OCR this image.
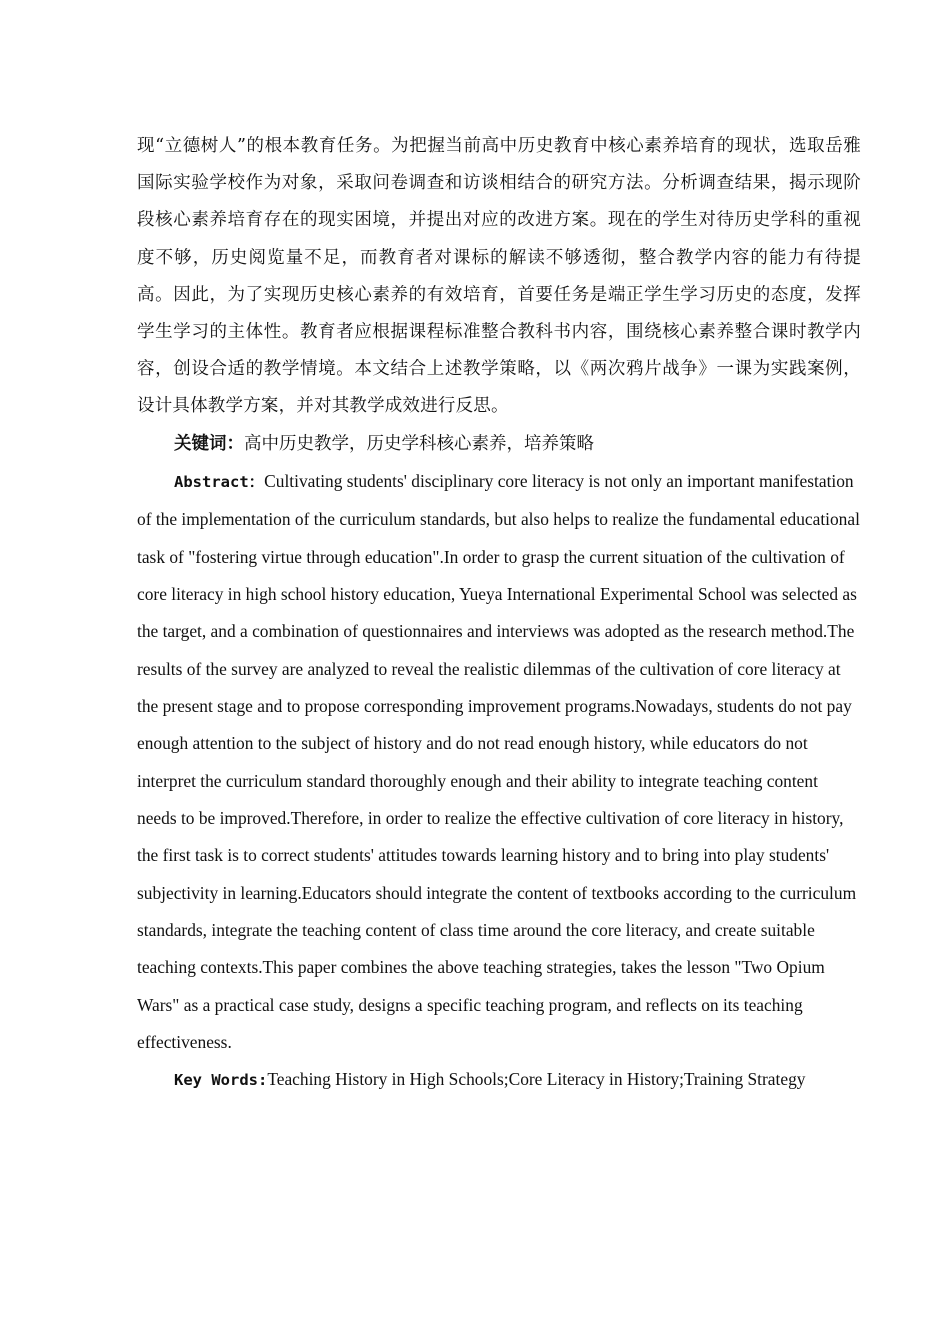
现“立德树人”的根本教育任务。为把握当前高中历史教育中核心素养培育的现状，选取岳雅国际实验学校作为对象，采取问卷调查和访谈相结合的研究方法。分析调查结果，揭示现阶段核心素养培育存在的现实困境，并提出对应的改进方案。现在的学生对待历史学科的重视度不够，历史阅览量不足，而教育者对课标的解读不够透彻，整合教学内容的能力有待提高。因此，为了实现历史核心素养的有效培育，首要任务是端正学生学习历史的态度，发挥学生学习的主体性。教育者应根据课程标准整合教科书内容，围绕核心素养整合课时教学内容，创设合适的教学情境。本文结合上述教学策略，以《两次鸦片战争》一课为实践案例，设计具体教学方案，并对其教学成效进行反思。

关键词：高中历史教学，历史学科核心素养，培养策略

Abstract：Cultivating students' disciplinary core literacy is not only an important manifestation of the implementation of the curriculum standards, but also helps to realize the fundamental educational task of "fostering virtue through education".In order to grasp the current situation of the cultivation of core literacy in high school history education, Yueya International Experimental School was selected as the target, and a combination of questionnaires and interviews was adopted as the research method.The results of the survey are analyzed to reveal the realistic dilemmas of the cultivation of core literacy at the present stage and to propose corresponding improvement programs.Nowadays, students do not pay enough attention to the subject of history and do not read enough history, while educators do not interpret the curriculum standard thoroughly enough and their ability to integrate teaching content needs to be improved.Therefore, in order to realize the effective cultivation of core literacy in history, the first task is to correct students' attitudes towards learning history and to bring into play students' subjectivity in learning.Educators should integrate the content of textbooks according to the curriculum standards, integrate the teaching content of class time around the core literacy, and create suitable teaching contexts.This paper combines the above teaching strategies, takes the lesson "Two Opium Wars" as a practical case study, designs a specific teaching program, and reflects on its teaching effectiveness.

Key Words:Teaching History in High Schools;Core Literacy in History;Training Strategy
